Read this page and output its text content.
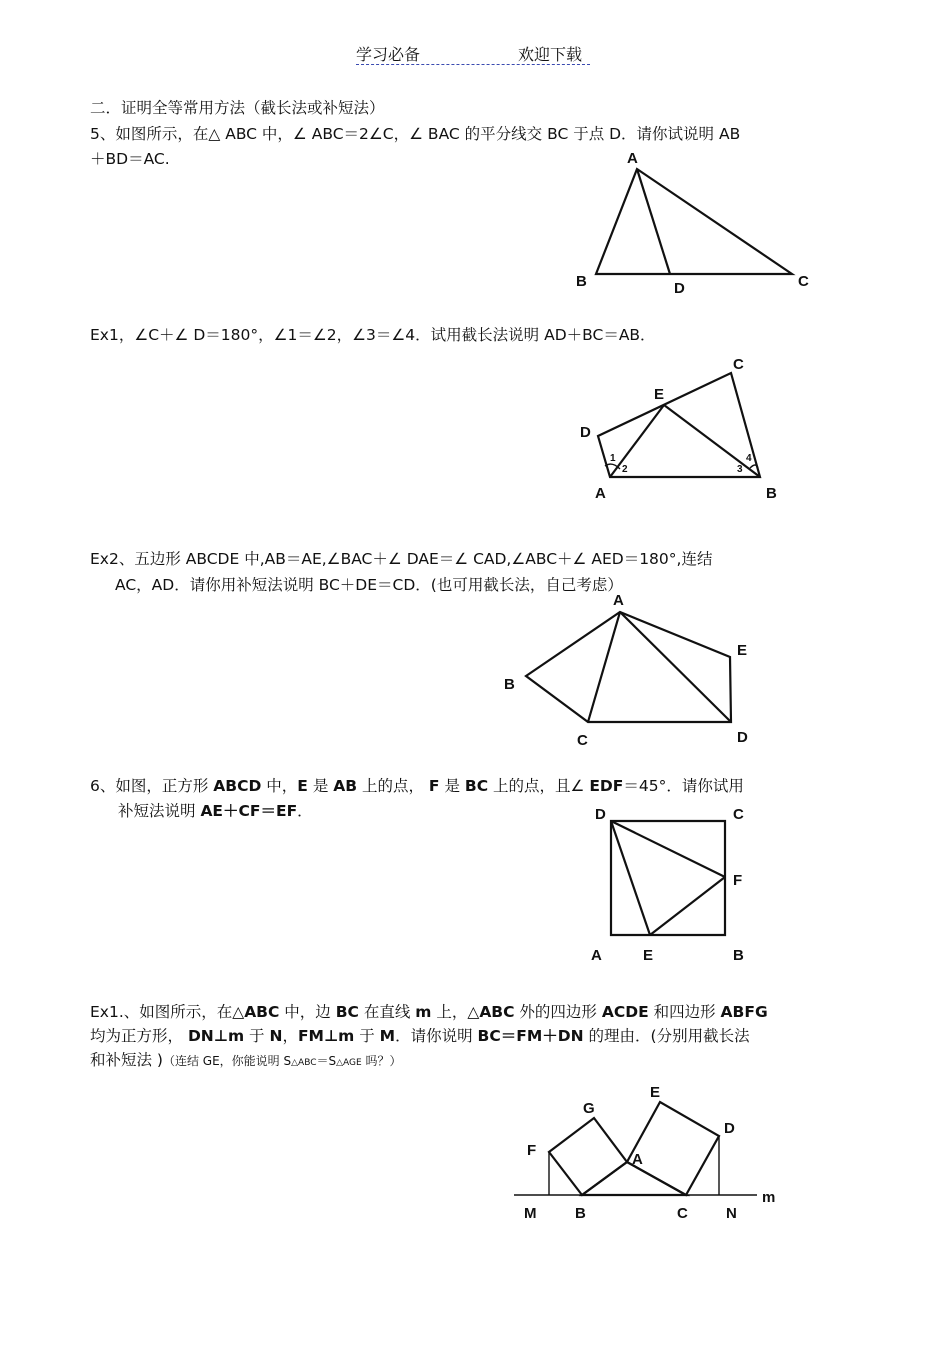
学习必备	欢迎下载
二．证明全等常用方法（截长法或补短法）
5、如图所示，在△ ABC 中，∠ ABC＝2∠C，∠ BAC 的平分线交 BC 于点 D．请你试说明 AB
＋BD＝AC.
Ex1，∠C＋∠ D＝180°，∠1＝∠2，∠3＝∠4．试用截长法说明 AD＋BC＝AB．
Ex2、五边形 ABCDE 中,AB＝AE,∠BAC＋∠ DAE＝∠ CAD,∠ABC＋∠ AED＝180°,连结
AC，AD．请你用补短法说明 BC＋DE＝CD．(也可用截长法，自己考虑）
6、如图，正方形 ABCD 中，E 是 AB 上的点， F 是 BC 上的点，且∠ EDF＝45°．请你试用
补短法说明 AE＋CF＝EF．
Ex1.、如图所示，在△ABC 中，边 BC 在直线 m 上，△ABC 外的四边形 ACDE 和四边形 ABFG
均为正方形， DN⊥m 于 N，FM⊥m 于 M．请你说明 BC＝FM＋DN 的理由．(分别用截长法
和补短法 )（连结 GE，你能说明 S△ABC＝S△AGE 吗？）
A
B	C
D
E
C
D
A	B
1
2	3
4
A
E
B
C	D
D	C
F
A	E	B
G
E
D
F
A
m
M	B	C	N
